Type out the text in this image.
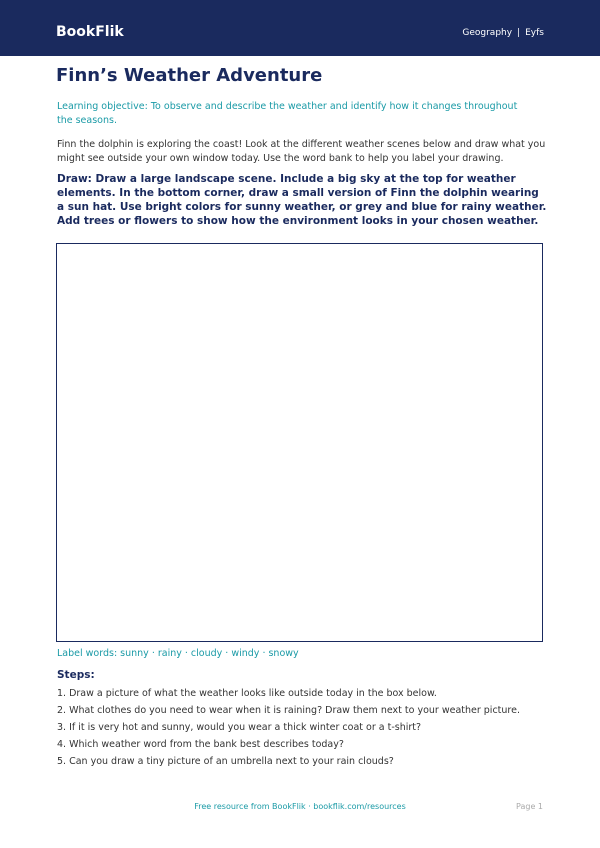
BookFlik	Geography | Eyfs
Finn’s Weather Adventure

Learning objective: To observe and describe the weather and identify how it changes throughout the seasons.

Finn the dolphin is exploring the coast! Look at the different weather scenes below and draw what you might see outside your own window today. Use the word bank to help you label your drawing.

Draw: Draw a large landscape scene. Include a big sky at the top for weather elements. In the bottom corner, draw a small version of Finn the dolphin wearing a sun hat. Use bright colors for sunny weather, or grey and blue for rainy weather. Add trees or flowers to show how the environment looks in your chosen weather.

Label words: sunny · rainy · cloudy · windy · snowy

Steps:

1. Draw a picture of what the weather looks like outside today in the box below.
2. What clothes do you need to wear when it is raining? Draw them next to your weather picture.
3. If it is very hot and sunny, would you wear a thick winter coat or a t-shirt?
4. Which weather word from the bank best describes today?
5. Can you draw a tiny picture of an umbrella next to your rain clouds?
Free resource from BookFlik · bookflik.com/resources	Page 1
